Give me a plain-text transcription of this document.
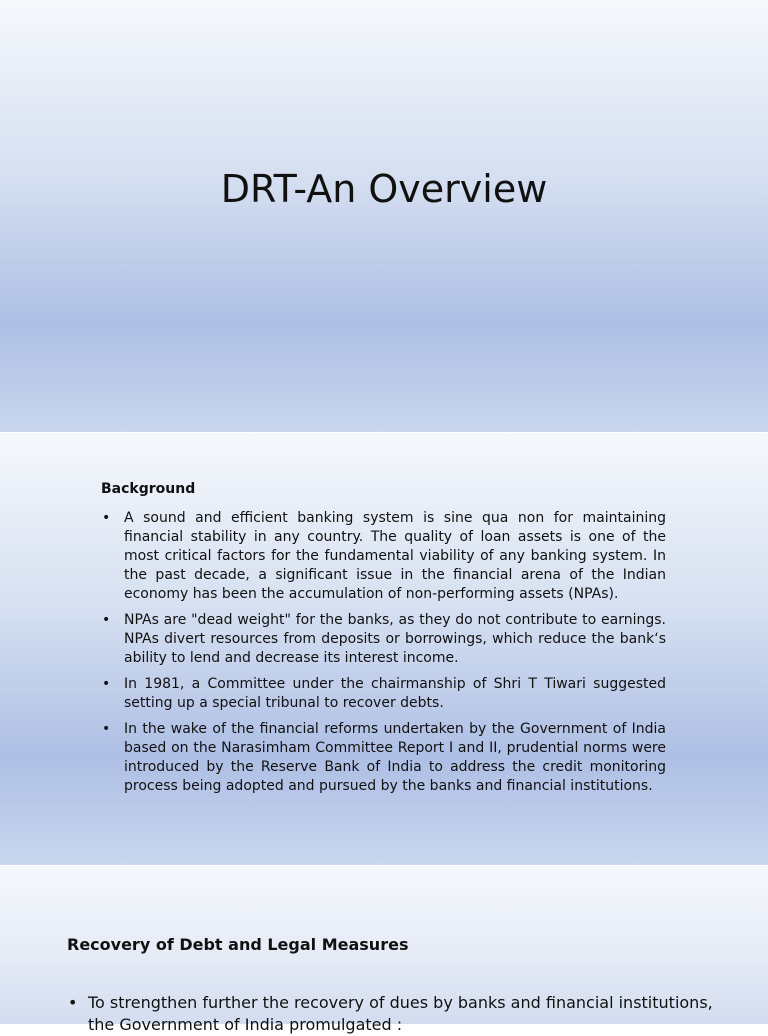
DRT-An Overview

Background

• A sound and efficient banking system is sine qua non for maintaining financial stability in any country. The quality of loan assets is one of the most critical factors for the fundamental viability of any banking system. In the past decade, a significant issue in the financial arena of the Indian economy has been the accumulation of non-performing assets (NPAs).
• NPAs are "dead weight" for the banks, as they do not contribute to earnings. NPAs divert resources from deposits or borrowings, which reduce the bank‘s ability to lend and decrease its interest income.
• In 1981, a Committee under the chairmanship of Shri T Tiwari suggested setting up a special tribunal to recover debts.
• In the wake of the financial reforms undertaken by the Government of India based on the Narasimham Committee Report I and II, prudential norms were introduced by the Reserve Bank of India to address the credit monitoring process being adopted and pursued by the banks and financial institutions.

Recovery of Debt and Legal Measures

• To strengthen further the recovery of dues by banks and financial institutions,
the Government of India promulgated :
